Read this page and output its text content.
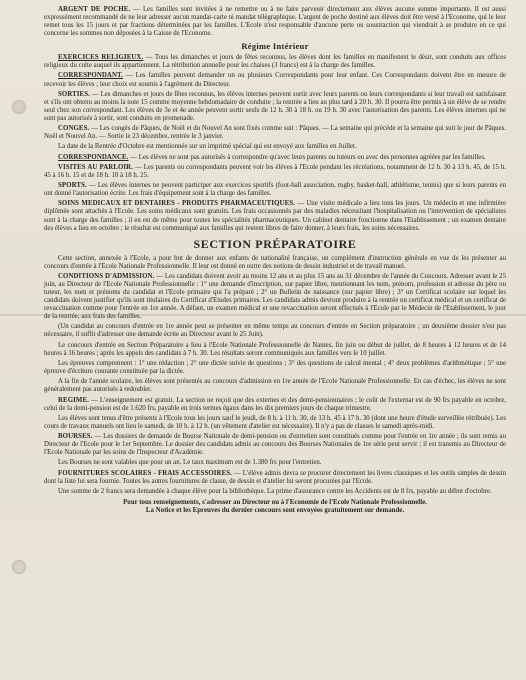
ARGENT DE POCHE. — Les familles sont invitées à ne remettre ou à ne faire parvenir directement aux élèves aucune somme importante. Il est aussi expressément recommandé de ne leur adresser aucun mandat-carte ni mandat télégraphique. L'argent de poche destiné aux élèves doit être versé à l'Econome, qui le leur remet tous les 15 jours et par fractions déterminées par les familles. L'Ecole n'est responsable d'aucune perte ou soustraction qui viendrait à se produire en ce qui concerne les sommes non déposées à la Caisse de l'Econome.

Régime Intérieur

EXERCICES RELIGIEUX. — Tous les dimanches et jours de fêtes reconnus, les élèves dont les familles en manifestent le désir, sont conduits aux offices religieux du culte auquel ils appartiennent. La rétribution annuelle pour les chaises (3 francs) est à la charge des familles.

CORRESPONDANT. — Les familles peuvent demander un ou plusieurs Correspondants pour leur enfant. Ces Correspondants doivent être en mesure de recevoir les élèves ; leur choix est soumis à l'agrément du Directeur.

SORTIES. — Les dimanches et jours de fêtes reconnus, les élèves internes peuvent sortir avec leurs parents ou leurs correspondants si leur travail est satisfaisant et s'ils ont obtenu au moins la note 15 comme moyenne hebdomadaire de conduite ; la rentrée a lieu au plus tard à 20 h. 30. Il pourra être permis à un élève de se rendre seul chez son correspondant. Les élèves de 3e et 4e année peuvent sortir seuls de 12 h. 30 à 18 h. ou 19 h. 30 avec l'autorisation des parents. Les élèves internes qui ne sont pas autorisés à sortir, sont conduits en promenade.

CONGES. — Les congés de Pâques, de Noël et du Nouvel An sont fixés comme suit : Pâques. — La semaine qui précède et la semaine qui suit le jour de Pâques. Noël et Nouvel An. — Sortie le 23 décembre, rentrée le 3 janvier.

La date de la Rentrée d'Octobre est mentionnée sur un imprimé spécial qui est envoyé aux familles en Juillet.

CORRESPONDANCE. — Les élèves ne sont pas autorisés à correspondre qu'avec leurs parents ou tuteurs ou avec des personnes agréées par les familles.

VISITES AU PARLOIR. — Les parents ou correspondants peuvent voir les élèves à l'Ecole pendant les récréations, notamment de 12 h. 30 à 13 h. 45, de 15 h. 45 à 16 h. 15 et de 18 h. 10 à 18 h. 25.

SPORTS. — Les élèves internes ne peuvent participer aux exercices sportifs (foot-ball association, rugby, basket-ball, athlétisme, tennis) que si leurs parents en ont donné l'autorisation écrite. Les frais d'équipement sont à la charge des familles.

SOINS MEDICAUX ET DENTAIRES - PRODUITS PHARMACEUTIQUES. — Une visite médicale a lieu tous les jours. Un médecin et une infirmière diplômée sont attachés à l'Ecole. Les soins médicaux sont gratuits. Les frais occasionnés par des maladies nécessitant l'hospitalisation ou l'intervention de spécialistes sont à la charge des familles ; il en est de même pour toutes les spécialités pharmaceutiques. Un cabinet dentaire fonctionne dans l'Etablissement ; un examen dentaire des élèves a lieu en octobre ; le résultat est communiqué aux familles qui restent libres de faire donner, à leurs frais, les soins nécessaires.

SECTION PRÉPARATOIRE

Cette section, annexée à l'Ecole, a pour but de donner aux enfants de nationalité française, un complément d'instruction générale en vue de les présenter au concours d'entrée à l'Ecole Nationale Professionnelle. Il leur est donné en outre des notions de dessin industriel et de travail manuel.

CONDITIONS D'ADMISSION. — Les candidats doivent avoir au moins 12 ans et au plus 15 ans au 31 décembre de l'année du Concours. Adresser avant le 25 juin, au Directeur de l'Ecole Nationale Professionnelle : 1° une demande d'inscription, sur papier libre, mentionnant les nom, prénom, profession et adresse du père ou tuteur, les nom et prénoms du candidat et l'Ecole primaire qui l'a préparé ; 2° un Bulletin de naissance (sur papier libre) ; 3° un Certificat scolaire sur lequel les candidats doivent justifier qu'ils sont titulaires du Certificat d'Etudes primaires. Les candidats admis devront produire à la rentrée un certificat médical et un certificat de revaccination comme pour l'entrée en 1re année. A défaut, un examen médical et une revaccination seront effectués à l'Ecole par le Médecin de l'Etablissement, le jour de la rentrée, aux frais des familles.

(Un candidat au concours d'entrée en 1re année peut se présenter en même temps au concours d'entrée en Section préparatoire ; un deuxième dossier n'est pas nécessaire, il suffit d'adresser une demande écrite au Directeur avant le 25 Juin).

Le concours d'entrée en Section Préparatoire a lieu à l'Ecole Nationale Professionnelle de Nantes, fin juin ou début de juillet, de 8 heures à 12 heures et de 14 heures à 16 heures ; après les appels des candidats à 7 h. 30. Les résultats seront communiqués aux familles vers le 10 juillet.

Les épreuves comprennent : 1° une rédaction ; 2° une dictée suivie de questions ; 3° des questions de calcul mental ; 4° deux problèmes d'arithmétique ; 5° une épreuve d'écriture courante constituée par la dictée.

A la fin de l'année scolaire, les élèves sont présentés au concours d'admission en 1re année de l'Ecole Nationale Professionnelle. En cas d'échec, les élèves ne sont généralement pas autorisés à redoubler.

REGIME. — L'enseignement est gratuit. La section ne reçoit que des externes et des demi-pensionnaires ; le coût de l'externat est de 90 frs payable en octobre, celui de la demi-pension est de 1.620 frs, payable en trois termes égaux dans les dix premiers jours de chaque trimestre.

Les élèves sont tenus d'être présents à l'Ecole tous les jours sauf le jeudi, de 8 h. à 11 h. 30, de 13 h. 45 à 17 h. 30 (dont une heure d'étude surveillée rétribuée). Les cours de travaux manuels ont lieu le samedi, de 10 h. à 12 h. (un vêtement d'atelier est nécessaire). Il n'y a pas de classes le samedi après-midi.

BOURSES. — Les dossiers de demande de Bourse Nationale de demi-pension ou d'entretien sont constitués comme pour l'entrée en 1re année ; ils sont remis au Directeur de l'Ecole pour le 1er Septembre. Le dossier des candidats admis au concours des Bourses Nationales de 1re série peut servir ; il est transmis au Directeur de l'Ecole Nationale par les soins de l'Inspecteur d'Académie.

Les Bourses ne sont valables que pour un an. Le taux maximum est de 1.380 frs pour l'entretien.

FOURNITURES SCOLAIRES - FRAIS ACCESSOIRES. — L'élève admis devra se procurer directement les livres classiques et les outils simples de dessin dont la liste lui sera fournie. Toutes les autres fournitures de classe, de dessin et d'atelier lui seront procurées par l'Ecole.

Une somme de 2 francs sera demandée à chaque élève pour la bibliothèque. La prime d'assurance contre les Accidents est de 8 frs, payable au début d'octobre.

Pour tous renseignements, s'adresser au Directeur ou à l'Economie de l'Ecole Nationale Professionnelle.
La Notice et les Epreuves du dernier concours sont envoyées gratuitement sur demande.
